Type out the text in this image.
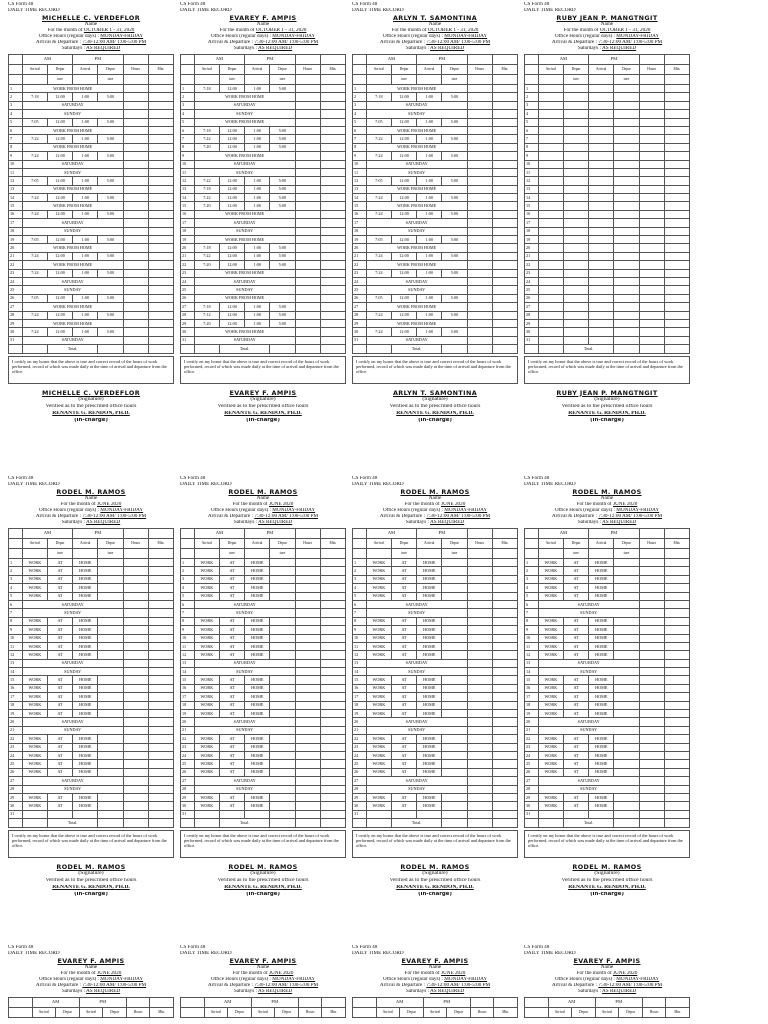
CS Form 48
DAILY TIME RECORD
MICHELLE C. VERDEFLOR
Name
For the month of OCTOBER 1 - 31, 2020
Office Hours (regular days) : MONDAY-FRIDAY
Arrival & Departure : 7:30-12:00 AM/ 1:00-5:00 PM
Saturdays : AS REQUIRED
	AM		PM			
	Arrival	Depar	Arrival	Depar	Hours	Min.
		ture		ture		
1	WORK FROM HOME					
2	7:18	12:00	1:00	5:00		
3	SATURDAY					
4	SUNDAY					
5	7:05	12:00	1:00	5:00		
6	WORK FROM HOME					
7	7:22	12:00	1:00	5:00		
8	WORK FROM HOME					
9	7:24	12:00	1:00	5:00		
10	SATURDAY					
11	SUNDAY					
12	7:05	12:00	1:00	5:00		
13	WORK FROM HOME					
14	7:24	12:00	1:00	5:00		
15	WORK FROM HOME					
16	7:24	12:00	1:00	5:00		
17	SATURDAY					
18	SUNDAY					
19	7:05	12:00	1:00	5:00		
20	WORK FROM HOME					
21	7:24	12:00	1:00	5:00		
22	WORK FROM HOME					
23	7:24	12:00	1:00	5:00		
24	SATURDAY					
25	SUNDAY					
26	7:05	12:00	1:00	5:00		
27	WORK FROM HOME					
28	7:24	12:00	1:00	5:00		
29	WORK FROM HOME					
30	7:24	12:00	1:00	5:00		
31	SATURDAY					
		Total.				
I certify on my honor that the above is true and correct record of the hours of work performed, record of which was made daily at the time of arrival and departure from the office.
MICHELLE C. VERDEFLOR
(Signature)
Verified as to the prescribed office hours
RENANTE G. RENDON, PH.D.
(In-charge)
CS Form 48
DAILY TIME RECORD
EVAREY F. AMPIS
Name
For the month of OCTOBER 1 - 31, 2020
Office Hours (regular days) : MONDAY-FRIDAY
Arrival & Departure : 7:30-12:00 AM/ 1:00-5:00 PM
Saturdays : AS REQUIRED
	AM		PM			
	Arrival	Depar	Arrival	Depar	Hours	Min.
		ture		ture		
1	7:18	12:00	1:00	5:00		
2	WORK FROM HOME					
3	SATURDAY					
4	SUNDAY					
5	WORK FROM HOME					
6	7:18	12:00	1:00	5:00		
7	7:22	12:00	1:00	5:00		
8	7:20	12:00	1:00	5:00		
9	WORK FROM HOME					
10	SATURDAY					
11	SUNDAY					
12	7:22	12:00	1:00	5:00		
13	7:18	12:00	1:00	5:00		
14	7:22	12:00	1:00	5:00		
15	7:20	12:00	1:00	5:00		
16	WORK FROM HOME					
17	SATURDAY					
18	SUNDAY					
19	WORK FROM HOME					
20	7:18	12:00	1:00	5:00		
21	7:22	12:00	1:00	5:00		
22	7:20	12:00	1:00	5:00		
23	WORK FROM HOME					
24	SATURDAY					
25	SUNDAY					
26	WORK FROM HOME					
27	7:18	12:00	1:00	5:00		
28	7:12	12:00	1:00	5:00		
29	7:20	12:00	1:00	5:00		
30	WORK FROM HOME					
31	SATURDAY					
		Total.				
I certify on my honor that the above is true and correct record of the hours of work performed, record of which was made daily at the time of arrival and departure from the office.
EVAREY F. AMPIS
(Signature)
Verified as to the prescribed office hours
RENANTE G. RENDON, PH.D.
(In-charge)
CS Form 48
DAILY TIME RECORD
ARLYN T. SAMONTINA
Name
For the month of OCTOBER 1 - 31, 2020
Office Hours (regular days) : MONDAY-FRIDAY
Arrival & Departure : 7:30-12:00 AM/ 1:00-5:00 PM
Saturdays : AS REQUIRED
	AM		PM			
	Arrival	Depar	Arrival	Depar	Hours	Min.
		ture		ture		
1	WORK FROM HOME					
2	7:18	12:00	1:00	5:00		
3	SATURDAY					
4	SUNDAY					
5	7:05	12:00	1:00	5:00		
6	WORK FROM HOME					
7	7:22	12:00	1:00	5:00		
8	WORK FROM HOME					
9	7:24	12:00	1:00	5:00		
10	SATURDAY					
11	SUNDAY					
12	7:05	12:00	1:00	5:00		
13	WORK FROM HOME					
14	7:24	12:00	1:00	5:00		
15	WORK FROM HOME					
16	7:24	12:00	1:00	5:00		
17	SATURDAY					
18	SUNDAY					
19	7:05	12:00	1:00	5:00		
20	WORK FROM HOME					
21	7:24	12:00	1:00	5:00		
22	WORK FROM HOME					
23	7:24	12:00	1:00	5:00		
24	SATURDAY					
25	SUNDAY					
26	7:05	12:00	1:00	5:00		
27	WORK FROM HOME					
28	7:24	12:00	1:00	5:00		
29	WORK FROM HOME					
30	7:24	12:00	1:00	5:00		
31	SATURDAY					
		Total.				
I certify on my honor that the above is true and correct record of the hours of work performed, record of which was made daily at the time of arrival and departure from the office.
ARLYN T. SAMONTINA
(Signature)
Verified as to the prescribed office hours
RENANTE G. RENDON, PH.D.
(In-charge)
CS Form 48
DAILY TIME RECORD
RUBY JEAN P. MANGTNGIT
Name
For the month of OCTOBER 1 - 31, 2020
Office Hours (regular days) : MONDAY-FRIDAY
Arrival & Departure : 7:30-12:00 AM/ 1:00-5:00 PM
Saturdays : AS REQUIRED
	AM		PM			
	Arrival	Depar	Arrival	Depar	Hours	Min.
		ture		ture		
1						
2						
3						
4						
5						
6						
7						
8						
9						
10						
11						
12						
13						
14						
15						
16						
17						
18						
19						
20						
21						
22						
23						
24						
25						
26						
27						
28						
29						
30						
31						
		Total.				
I certify on my honor that the above is true and correct record of the hours of work performed, record of which was made daily at the time of arrival and departure from the office.
RUBY JEAN P. MANGTNGIT
(Signature)
Verified as to the prescribed office hours
RENANTE G. RENDON, PH.D.
(In-charge)
CS Form 48
DAILY TIME RECORD
RODEL M. RAMOS
Name
For the month of JUNE 2020
Office Hours (regular days) : MONDAY-FRIDAY
Arrival & Departure : 7:30-12:00 AM/ 1:00-5:00 PM
Saturdays : AS REQUIRED
	AM		PM			
	Arrival	Depar	Arrival	Depar	Hours	Min.
		ture		ture		
1	WORK	AT	HOME			
2	WORK	AT	HOME			
3	WORK	AT	HOME			
4	WORK	AT	HOME			
5	WORK	AT	HOME			
6	SATURDAY					
7	SUNDAY					
8	WORK	AT	HOME			
9	WORK	AT	HOME			
10	WORK	AT	HOME			
11	WORK	AT	HOME			
12	WORK	AT	HOME			
13	SATURDAY					
14	SUNDAY					
15	WORK	AT	HOME			
16	WORK	AT	HOME			
17	WORK	AT	HOME			
18	WORK	AT	HOME			
19	WORK	AT	HOME			
20	SATURDAY					
21	SUNDAY					
22	WORK	AT	HOME			
23	WORK	AT	HOME			
24	WORK	AT	HOME			
25	WORK	AT	HOME			
26	WORK	AT	HOME			
27	SATURDAY					
28	SUNDAY					
29	WORK	AT	HOME			
30	WORK	AT	HOME			
31						
		Total.				
I certify on my honor that the above is true and correct record of the hours of work performed, record of which was made daily at the time of arrival and departure from the office.
RODEL M. RAMOS
(Signature)
Verified as to the prescribed office hours
RENANTE G. RENDON, PH.D.
(In-charge)
CS Form 48
DAILY TIME RECORD
RODEL M. RAMOS
Name
For the month of JUNE 2020
Office Hours (regular days) : MONDAY-FRIDAY
Arrival & Departure : 7:30-12:00 AM/ 1:00-5:00 PM
Saturdays : AS REQUIRED
	AM		PM			
	Arrival	Depar	Arrival	Depar	Hours	Min.
		ture		ture		
1	WORK	AT	HOME			
2	WORK	AT	HOME			
3	WORK	AT	HOME			
4	WORK	AT	HOME			
5	WORK	AT	HOME			
6	SATURDAY					
7	SUNDAY					
8	WORK	AT	HOME			
9	WORK	AT	HOME			
10	WORK	AT	HOME			
11	WORK	AT	HOME			
12	WORK	AT	HOME			
13	SATURDAY					
14	SUNDAY					
15	WORK	AT	HOME			
16	WORK	AT	HOME			
17	WORK	AT	HOME			
18	WORK	AT	HOME			
19	WORK	AT	HOME			
20	SATURDAY					
21	SUNDAY					
22	WORK	AT	HOME			
23	WORK	AT	HOME			
24	WORK	AT	HOME			
25	WORK	AT	HOME			
26	WORK	AT	HOME			
27	SATURDAY					
28	SUNDAY					
29	WORK	AT	HOME			
30	WORK	AT	HOME			
31						
		Total.				
I certify on my honor that the above is true and correct record of the hours of work performed, record of which was made daily at the time of arrival and departure from the office.
RODEL M. RAMOS
(Signature)
Verified as to the prescribed office hours
RENANTE G. RENDON, PH.D.
(In-charge)
CS Form 48
DAILY TIME RECORD
RODEL M. RAMOS
Name
For the month of JUNE 2020
Office Hours (regular days) : MONDAY-FRIDAY
Arrival & Departure : 7:30-12:00 AM/ 1:00-5:00 PM
Saturdays : AS REQUIRED
	AM		PM			
	Arrival	Depar	Arrival	Depar	Hours	Min.
		ture		ture		
1	WORK	AT	HOME			
2	WORK	AT	HOME			
3	WORK	AT	HOME			
4	WORK	AT	HOME			
5	WORK	AT	HOME			
6	SATURDAY					
7	SUNDAY					
8	WORK	AT	HOME			
9	WORK	AT	HOME			
10	WORK	AT	HOME			
11	WORK	AT	HOME			
12	WORK	AT	HOME			
13	SATURDAY					
14	SUNDAY					
15	WORK	AT	HOME			
16	WORK	AT	HOME			
17	WORK	AT	HOME			
18	WORK	AT	HOME			
19	WORK	AT	HOME			
20	SATURDAY					
21	SUNDAY					
22	WORK	AT	HOME			
23	WORK	AT	HOME			
24	WORK	AT	HOME			
25	WORK	AT	HOME			
26	WORK	AT	HOME			
27	SATURDAY					
28	SUNDAY					
29	WORK	AT	HOME			
30	WORK	AT	HOME			
31						
		Total.				
I certify on my honor that the above is true and correct record of the hours of work performed, record of which was made daily at the time of arrival and departure from the office.
RODEL M. RAMOS
(Signature)
Verified as to the prescribed office hours
RENANTE G. RENDON, PH.D.
(In-charge)
CS Form 48
DAILY TIME RECORD
RODEL M. RAMOS
Name
For the month of JUNE 2020
Office Hours (regular days) : MONDAY-FRIDAY
Arrival & Departure : 7:30-12:00 AM/ 1:00-5:00 PM
Saturdays : AS REQUIRED
	AM		PM			
	Arrival	Depar	Arrival	Depar	Hours	Min.
		ture		ture		
1	WORK	AT	HOME			
2	WORK	AT	HOME			
3	WORK	AT	HOME			
4	WORK	AT	HOME			
5	WORK	AT	HOME			
6	SATURDAY					
7	SUNDAY					
8	WORK	AT	HOME			
9	WORK	AT	HOME			
10	WORK	AT	HOME			
11	WORK	AT	HOME			
12	WORK	AT	HOME			
13	SATURDAY					
14	SUNDAY					
15	WORK	AT	HOME			
16	WORK	AT	HOME			
17	WORK	AT	HOME			
18	WORK	AT	HOME			
19	WORK	AT	HOME			
20	SATURDAY					
21	SUNDAY					
22	WORK	AT	HOME			
23	WORK	AT	HOME			
24	WORK	AT	HOME			
25	WORK	AT	HOME			
26	WORK	AT	HOME			
27	SATURDAY					
28	SUNDAY					
29	WORK	AT	HOME			
30	WORK	AT	HOME			
31						
		Total.				
I certify on my honor that the above is true and correct record of the hours of work performed, record of which was made daily at the time of arrival and departure from the office.
RODEL M. RAMOS
(Signature)
Verified as to the prescribed office hours
RENANTE G. RENDON, PH.D.
(In-charge)
CS Form 48
DAILY TIME RECORD
EVAREY F. AMPIS
Name
For the month of JUNE 2020
Office Hours (regular days) : MONDAY-FRIDAY
Arrival & Departure : 7:30-12:00 AM/ 1:00-5:00 PM
Saturdays : AS REQUIRED
	AM		PM			
	Arrival	Depar	Arrival	Depar	Hours	Min.
CS Form 48
DAILY TIME RECORD
EVAREY F. AMPIS
Name
For the month of JUNE 2020
Office Hours (regular days) : MONDAY-FRIDAY
Arrival & Departure : 7:30-12:00 AM/ 1:00-5:00 PM
Saturdays : AS REQUIRED
	AM		PM			
	Arrival	Depar	Arrival	Depar	Hours	Min.
CS Form 48
DAILY TIME RECORD
EVAREY F. AMPIS
Name
For the month of JUNE 2020
Office Hours (regular days) : MONDAY-FRIDAY
Arrival & Departure : 7:30-12:00 AM/ 1:00-5:00 PM
Saturdays : AS REQUIRED
	AM		PM			
	Arrival	Depar	Arrival	Depar	Hours	Min.
CS Form 48
DAILY TIME RECORD
EVAREY F. AMPIS
Name
For the month of JUNE 2020
Office Hours (regular days) : MONDAY-FRIDAY
Arrival & Departure : 7:30-12:00 AM/ 1:00-5:00 PM
Saturdays : AS REQUIRED
	AM		PM			
	Arrival	Depar	Arrival	Depar	Hours	Min.
